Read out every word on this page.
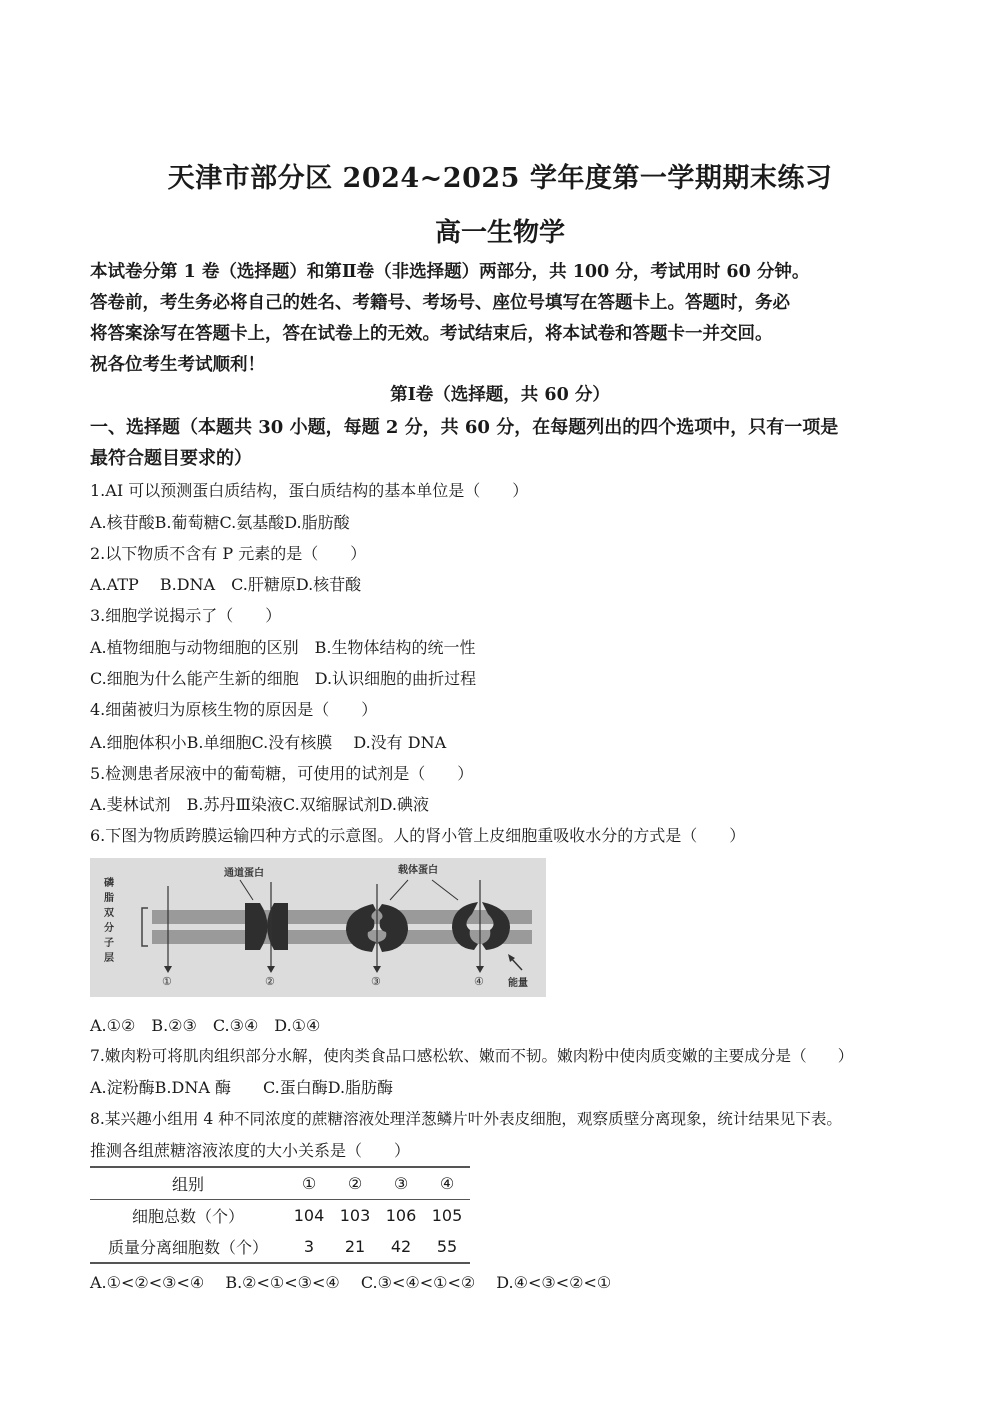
天津市部分区 2024~2025 学年度第一学期期末练习
高一生物学
本试卷分第 1 卷（选择题）和第Ⅱ卷（非选择题）两部分，共 100 分，考试用时 60 分钟。
答卷前，考生务必将自己的姓名、考籍号、考场号、座位号填写在答题卡上。答题时，务必
将答案涂写在答题卡上，答在试卷上的无效。考试结束后，将本试卷和答题卡一并交回。
祝各位考生考试顺利！
第Ⅰ卷（选择题，共 60 分）
一、选择题（本题共 30 小题，每题 2 分，共 60 分，在每题列出的四个选项中，只有一项是
最符合题目要求的）
1.AI 可以预测蛋白质结构，蛋白质结构的基本单位是（　　）
A.核苷酸B.葡萄糖C.氨基酸D.脂肪酸
2.以下物质不含有 P 元素的是（　　）
A.ATP　 B.DNA　C.肝糖原D.核苷酸
3.细胞学说揭示了（　　）
A.植物细胞与动物细胞的区别　B.生物体结构的统一性
C.细胞为什么能产生新的细胞　D.认识细胞的曲折过程
4.细菌被归为原核生物的原因是（　　）
A.细胞体积小B.单细胞C.没有核膜　 D.没有 DNA
5.检测患者尿液中的葡萄糖，可使用的试剂是（　　）
A.斐林试剂　B.苏丹Ⅲ染液C.双缩脲试剂D.碘液
6.下图为物质跨膜运输四种方式的示意图。人的肾小管上皮细胞重吸收水分的方式是（　　）
磷
脂
双
分
子
层
通道蛋白	载体蛋白
能量
①	②	③	④
A.①②　B.②③　C.③④　D.①④
7.嫩肉粉可将肌肉组织部分水解，使肉类食品口感松软、嫩而不韧。嫩肉粉中使肉质变嫩的主要成分是（　　）
A.淀粉酶B.DNA 酶　　C.蛋白酶D.脂肪酶
8.某兴趣小组用 4 种不同浓度的蔗糖溶液处理洋葱鳞片叶外表皮细胞，观察质壁分离现象，统计结果见下表。
推测各组蔗糖溶液浓度的大小关系是（　　）
组别	①	②	③	④
细胞总数（个）	104	103	106	105
质量分离细胞数（个）	3	21	42	55
A.①<②<③<④　 B.②<①<③<④　 C.③<④<①<②　 D.④<③<②<①
